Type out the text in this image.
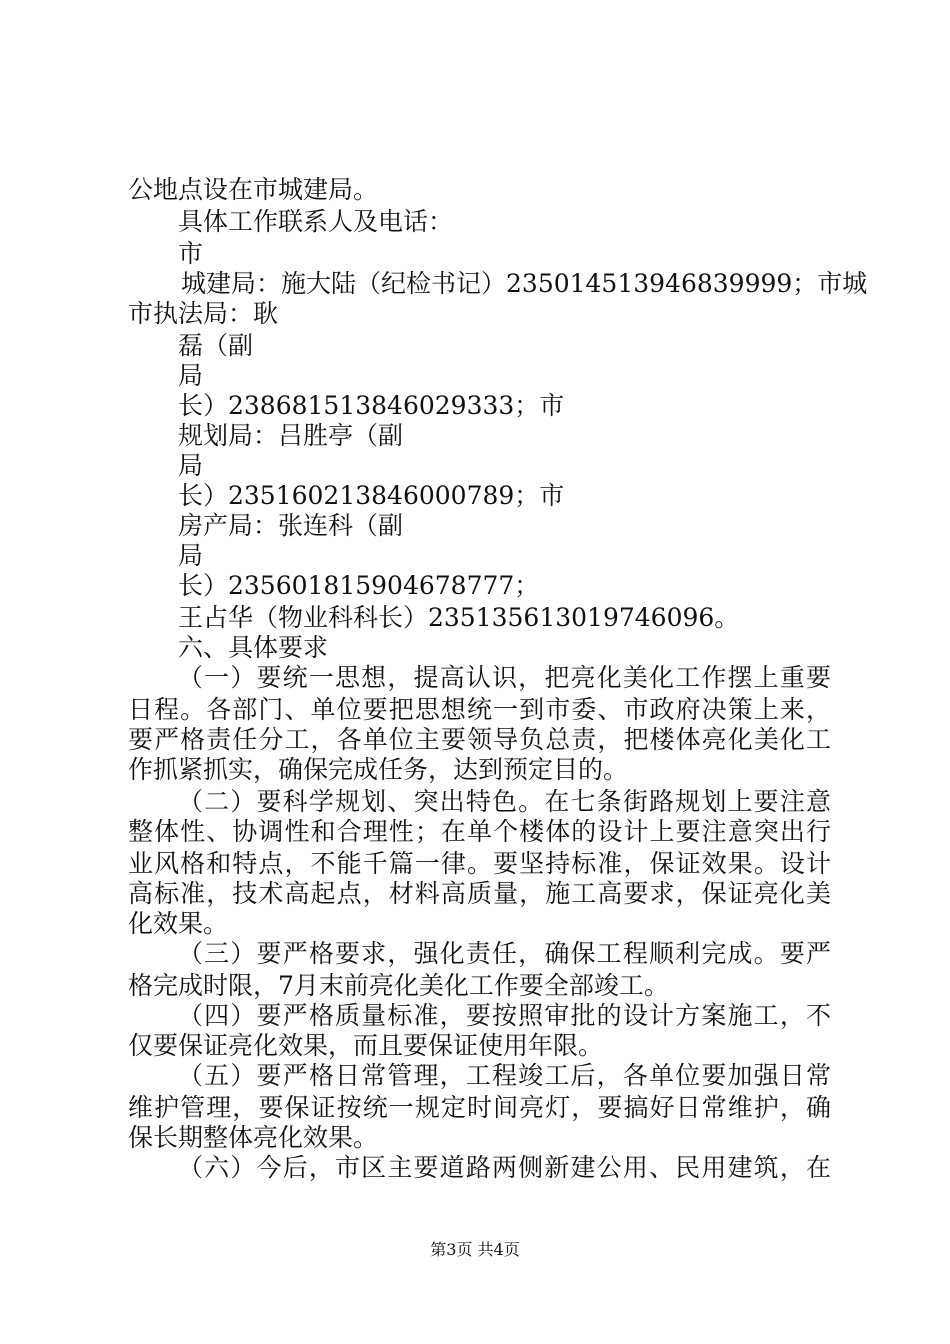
公地点设在市城建局。
具体工作联系人及电话：
市
城建局：施大陆（纪检书记）23501451394683999​9；市城
市执法局：耿
磊（副
局
长）2386815138460​29333；市
规划局：吕胜亭（副
局
长）23516021384600​0789；市
房产局：张连科（副
局
长）23560181590467​8777；
王占华（物业科科长）23513561301974​6096。
六、具体要求
（一）要统一思想，提高认识，把亮化美化工作摆上重要
日程。各部门、单位要把思想统一到市委、市政府决策上来，
要严格责任分工，各单位主要领导负总责，把楼体亮化美化工
作抓紧抓实，确保完成任务，达到预定目的。
（二）要科学规划、突出特色。在七条街路规划上要注意
整体性、协调性和合理性；在单个楼体的设计上要注意突出行
业风格和特点，不能千篇一律。要坚持标准，保证效果。设计
高标准，技术高起点，材料高质量，施工高要求，保证亮化美
化效果。
（三）要严格要求，强化责任，确保工程顺利完成。要严
格完成时限，7月末前亮化美化工作要全部竣工。
（四）要严格质量标准，要按照审批的设计方案施工，不
仅要保证亮化效果，而且要保证使用年限。
（五）要严格日常管理，工程竣工后，各单位要加强日常
维护管理，要保证按统一规定时间亮灯，要搞好日常维护，确
保长期整体亮化效果。
（六）今后，市区主要道路两侧新建公用、民用建筑，在
第3页 共4页
